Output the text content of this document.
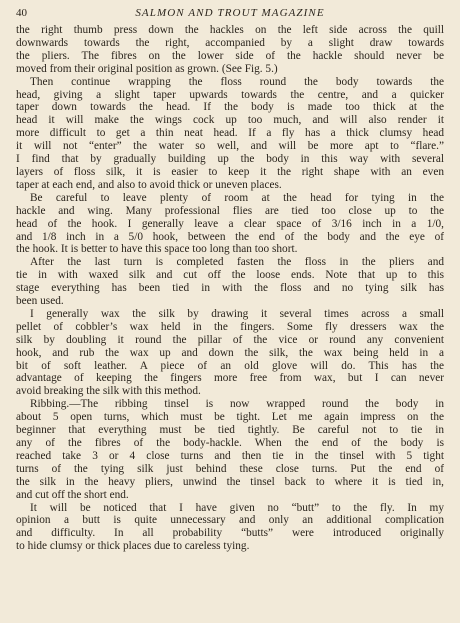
40	SALMON AND TROUT MAGAZINE
the right thumb press down the hackles on the left side across the quill
downwards towards the right, accompanied by a slight draw towards
the pliers. The fibres on the lower side of the hackle should never be
moved from their original position as grown. (See Fig. 5.)
Then continue wrapping the floss round the body towards the
head, giving a slight taper upwards towards the centre, and a quicker
taper down towards the head. If the body is made too thick at the
head it will make the wings cock up too much, and will also render it
more difficult to get a thin neat head. If a fly has a thick clumsy head
it will not “enter” the water so well, and will be more apt to “flare.”
I find that by gradually building up the body in this way with several
layers of floss silk, it is easier to keep it the right shape with an even
taper at each end, and also to avoid thick or uneven places.
Be careful to leave plenty of room at the head for tying in the
hackle and wing. Many professional flies are tied too close up to the
head of the hook. I generally leave a clear space of 3/16 inch in a 1/0,
and 1/8 inch in a 5/0 hook, between the end of the body and the eye of
the hook. It is better to have this space too long than too short.
After the last turn is completed fasten the floss in the pliers and
tie in with waxed silk and cut off the loose ends. Note that up to this
stage everything has been tied in with the floss and no tying silk has
been used.
I generally wax the silk by drawing it several times across a small
pellet of cobbler’s wax held in the fingers. Some fly dressers wax the
silk by doubling it round the pillar of the vice or round any convenient
hook, and rub the wax up and down the silk, the wax being held in a
bit of soft leather. A piece of an old glove will do. This has the
advantage of keeping the fingers more free from wax, but I can never
avoid breaking the silk with this method.
Ribbing.—The ribbing tinsel is now wrapped round the body in
about 5 open turns, which must be tight. Let me again impress on the
beginner that everything must be tied tightly. Be careful not to tie in
any of the fibres of the body-hackle. When the end of the body is
reached take 3 or 4 close turns and then tie in the tinsel with 5 tight
turns of the tying silk just behind these close turns. Put the end of
the silk in the heavy pliers, unwind the tinsel back to where it is tied in,
and cut off the short end.
It will be noticed that I have given no “butt” to the fly. In my
opinion a butt is quite unnecessary and only an additional complication
and difficulty. In all probability “butts” were introduced originally
to hide clumsy or thick places due to careless tying.
